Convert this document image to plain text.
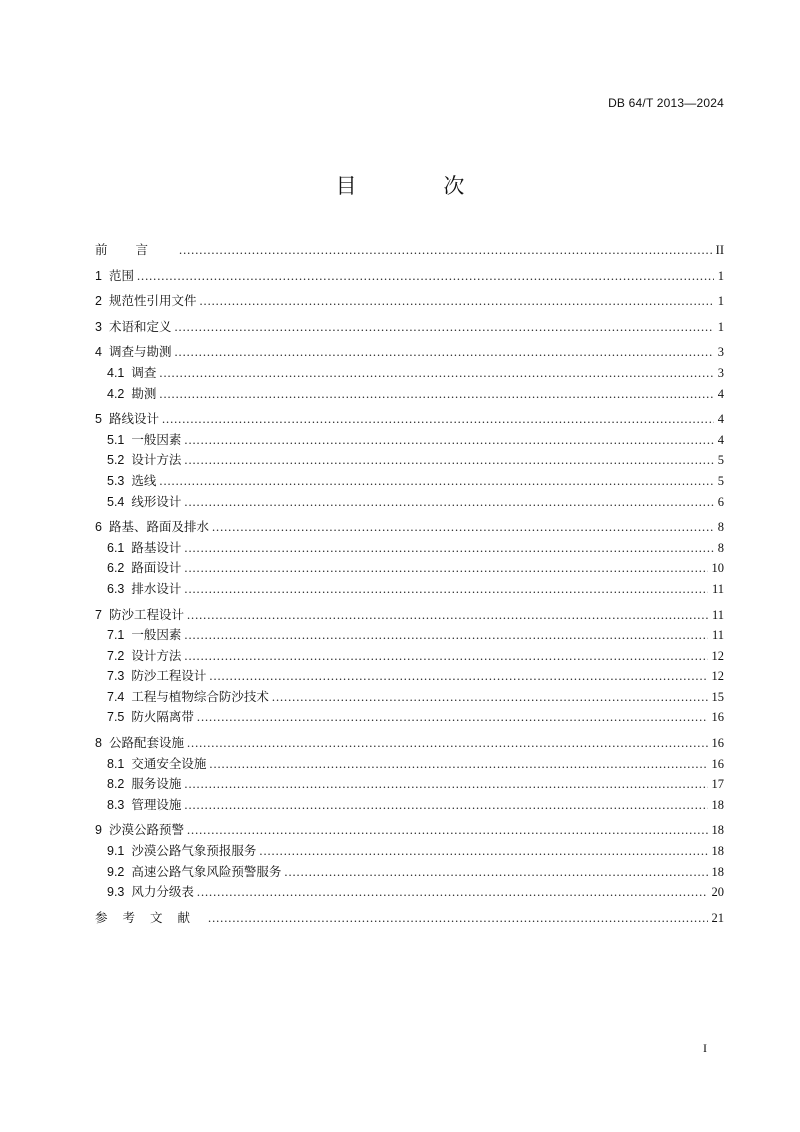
DB 64/T 2013—2024
目 次
前言 . . .	II
1 范围 . . .	1
2 规范性引用文件 . . .	1
3 术语和定义 . . .	1
4 调查与勘测 . . .	3
4.1 调查 . . .	3
4.2 勘测 . . .	4
5 路线设计 . . .	4
5.1 一般因素 . . .	4
5.2 设计方法 . . .	5
5.3 选线 . . .	5
5.4 线形设计 . . .	6
6 路基、路面及排水 . . .	8
6.1 路基设计 . . .	8
6.2 路面设计 . . .	10
6.3 排水设计 . . .	11
7 防沙工程设计 . . .	11
7.1 一般因素 . . .	11
7.2 设计方法 . . .	12
7.3 防沙工程设计 . . .	12
7.4 工程与植物综合防沙技术 . . .	15
7.5 防火隔离带 . . .	16
8 公路配套设施 . . .	16
8.1 交通安全设施 . . .	16
8.2 服务设施 . . .	17
8.3 管理设施 . . .	18
9 沙漠公路预警 . . .	18
9.1 沙漠公路气象预报服务 . . .	18
9.2 高速公路气象风险预警服务 . . .	18
9.3 风力分级表 . . .	20
参考文献 . . .	21
I
